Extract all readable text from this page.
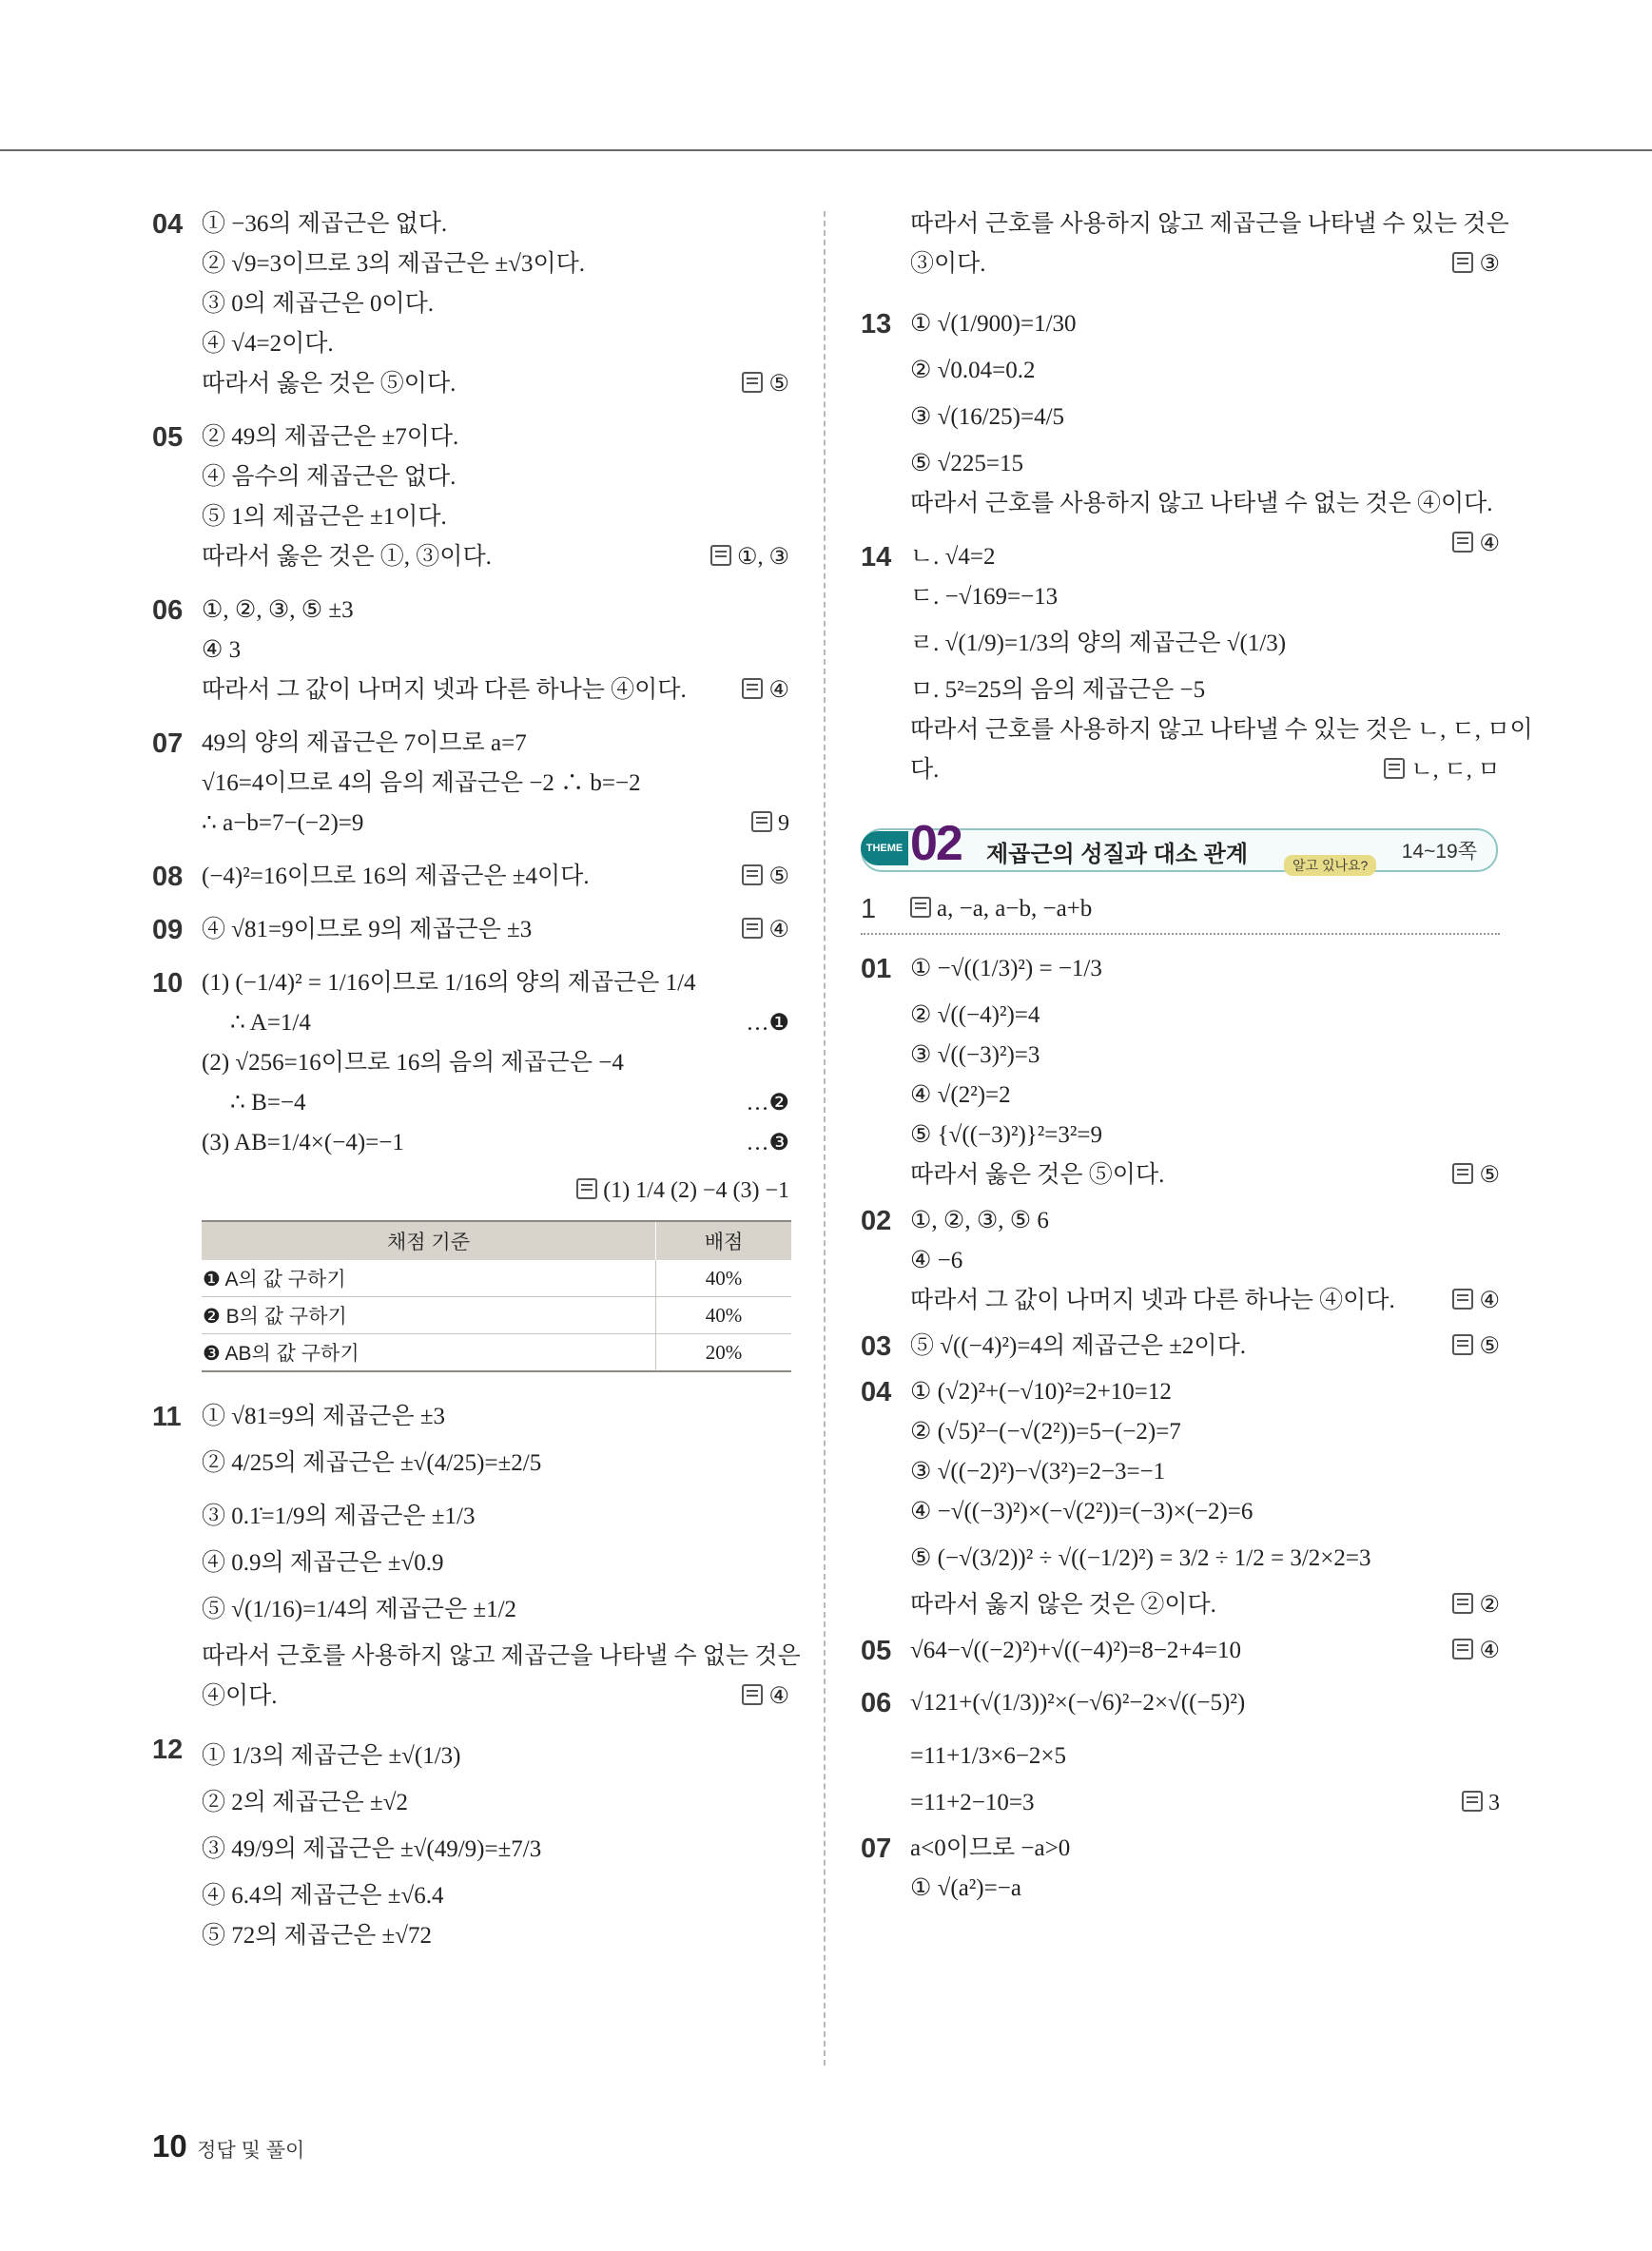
04 ① −36의 제곱근은 없다.
② √9=3이므로 3의 제곱근은 ±√3이다.
③ 0의 제곱근은 0이다.
④ √4=2이다.
따라서 옳은 것은 ⑤이다.	⑤
05 ② 49의 제곱근은 ±7이다.
④ 음수의 제곱근은 없다.
⑤ 1의 제곱근은 ±1이다.
따라서 옳은 것은 ①, ③이다.	①, ③
06 ①, ②, ③, ⑤ ±3
④ 3
따라서 그 값이 나머지 넷과 다른 하나는 ④이다.	④
07 49의 양의 제곱근은 7이므로 a=7
√16=4이므로 4의 음의 제곱근은 −2 ∴ b=−2
∴ a−b=7−(−2)=9	9
08 (−4)²=16이므로 16의 제곱근은 ±4이다.	⑤
09 ④ √81=9이므로 9의 제곱근은 ±3	④
10 (1) (−1/4)² = 1/16이므로 1/16의 양의 제곱근은 1/4
∴ A=1/4	…❶
(2) √256=16이므로 16의 음의 제곱근은 −4
∴ B=−4	…❷
(3) AB=1/4×(−4)=−1	…❸
(1) 1/4 (2) −4 (3) −1
채점 기준	배점
❶ A의 값 구하기	40%
❷ B의 값 구하기	40%
❸ AB의 값 구하기	20%
11 ① √81=9의 제곱근은 ±3
② 4/25의 제곱근은 ±√(4/25)=±2/5
③ 0.1̇=1/9의 제곱근은 ±1/3
④ 0.9의 제곱근은 ±√0.9
⑤ √(1/16)=1/4의 제곱근은 ±1/2
따라서 근호를 사용하지 않고 제곱근을 나타낼 수 없는 것은
④이다.	④
12 ① 1/3의 제곱근은 ±√(1/3)
② 2의 제곱근은 ±√2
③ 49/9의 제곱근은 ±√(49/9)=±7/3
④ 6.4의 제곱근은 ±√6.4
⑤ 72의 제곱근은 ±√72
따라서 근호를 사용하지 않고 제곱근을 나타낼 수 있는 것은
③이다.	③
13 ① √(1/900)=1/30
② √0.04=0.2
③ √(16/25)=4/5
⑤ √225=15
따라서 근호를 사용하지 않고 나타낼 수 없는 것은 ④이다.
④
14 ㄴ. √4=2
ㄷ. −√169=−13
ㄹ. √(1/9)=1/3의 양의 제곱근은 √(1/3)
ㅁ. 5²=25의 음의 제곱근은 −5
따라서 근호를 사용하지 않고 나타낼 수 있는 것은 ㄴ, ㄷ, ㅁ이
다.	ㄴ, ㄷ, ㅁ
THEME 02 제곱근의 성질과 대소 관계	알고 있나요?
14~19쪽
1	a, −a, a−b, −a+b
01 ① −√((1/3)²) = −1/3
② √((−4)²)=4
③ √((−3)²)=3
④ √(2²)=2
⑤ {√((−3)²)}²=3²=9
따라서 옳은 것은 ⑤이다.	⑤
02 ①, ②, ③, ⑤ 6
④ −6
따라서 그 값이 나머지 넷과 다른 하나는 ④이다.	④
03 ⑤ √((−4)²)=4의 제곱근은 ±2이다.	⑤
04 ① (√2)²+(−√10)²=2+10=12
② (√5)²−(−√(2²))=5−(−2)=7
③ √((−2)²)−√(3²)=2−3=−1
④ −√((−3)²)×(−√(2²))=(−3)×(−2)=6
⑤ (−√(3/2))² ÷ √((−1/2)²) = 3/2 ÷ 1/2 = 3/2×2=3
따라서 옳지 않은 것은 ②이다.	②
05 √64−√((−2)²)+√((−4)²)=8−2+4=10	④
06 √121+(√(1/3))²×(−√6)²−2×√((−5)²)
=11+1/3×6−2×5
=11+2−10=3	3
07 a<0이므로 −a>0
① √(a²)=−a
10 정답 및 풀이
